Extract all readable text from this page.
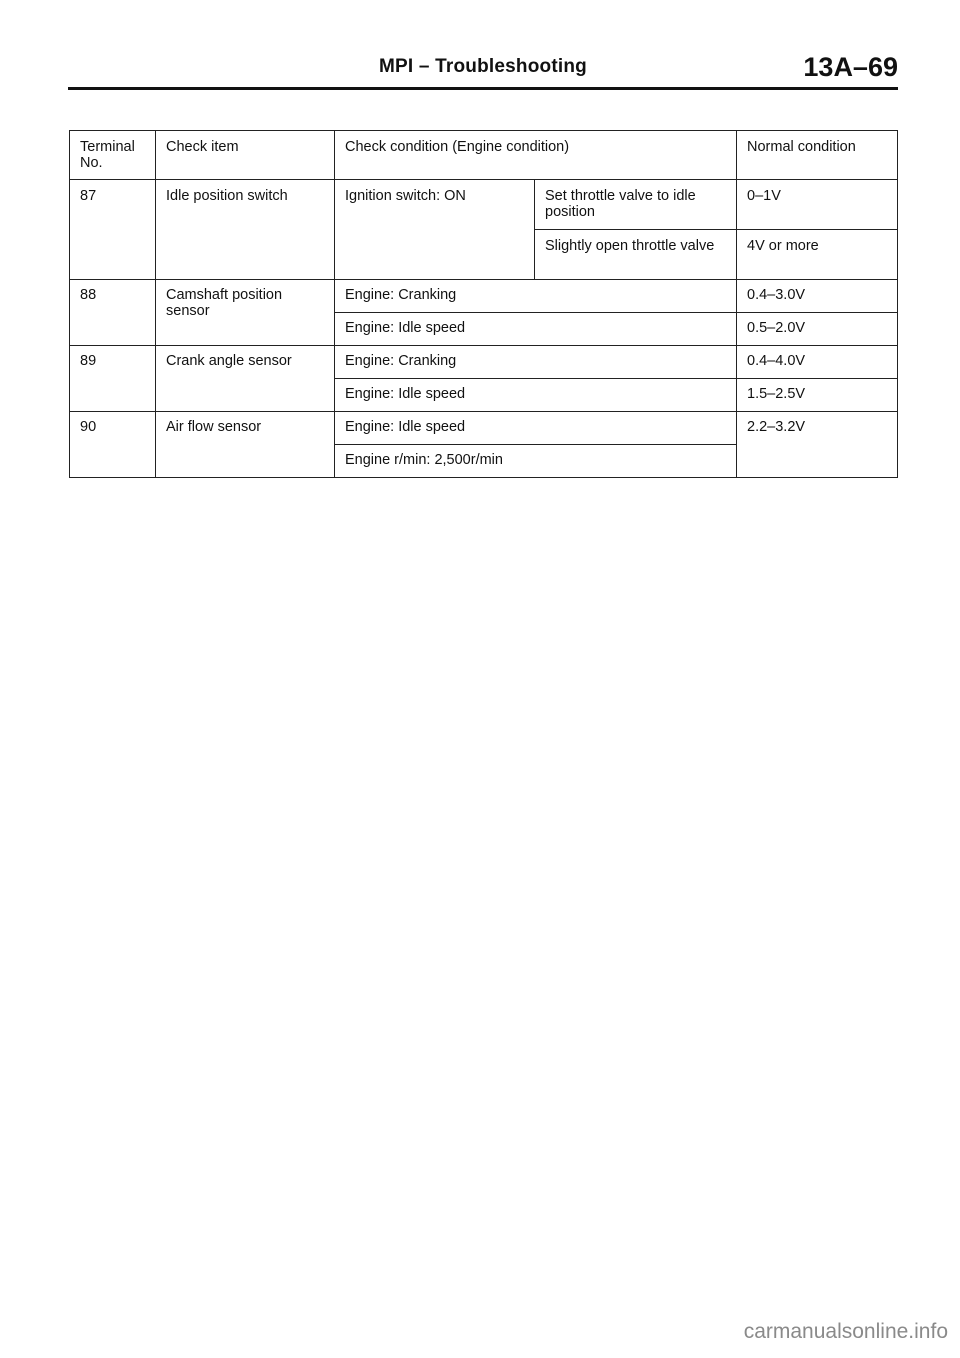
MPI – Troubleshooting	13A–69
Terminal No.	Check item	Check condition (Engine condition)		Normal condition
87	Idle position switch	Ignition switch: ON	Set throttle valve to idle position	0–1V
			Slightly open throttle valve	4V or more
88	Camshaft position sensor	Engine: Cranking		0.4–3.0V
		Engine: Idle speed		0.5–2.0V
89	Crank angle sensor	Engine: Cranking		0.4–4.0V
		Engine: Idle speed		1.5–2.5V
90	Air flow sensor	Engine: Idle speed		2.2–3.2V
		Engine r/min: 2,500r/min		
carmanualsonline.info
